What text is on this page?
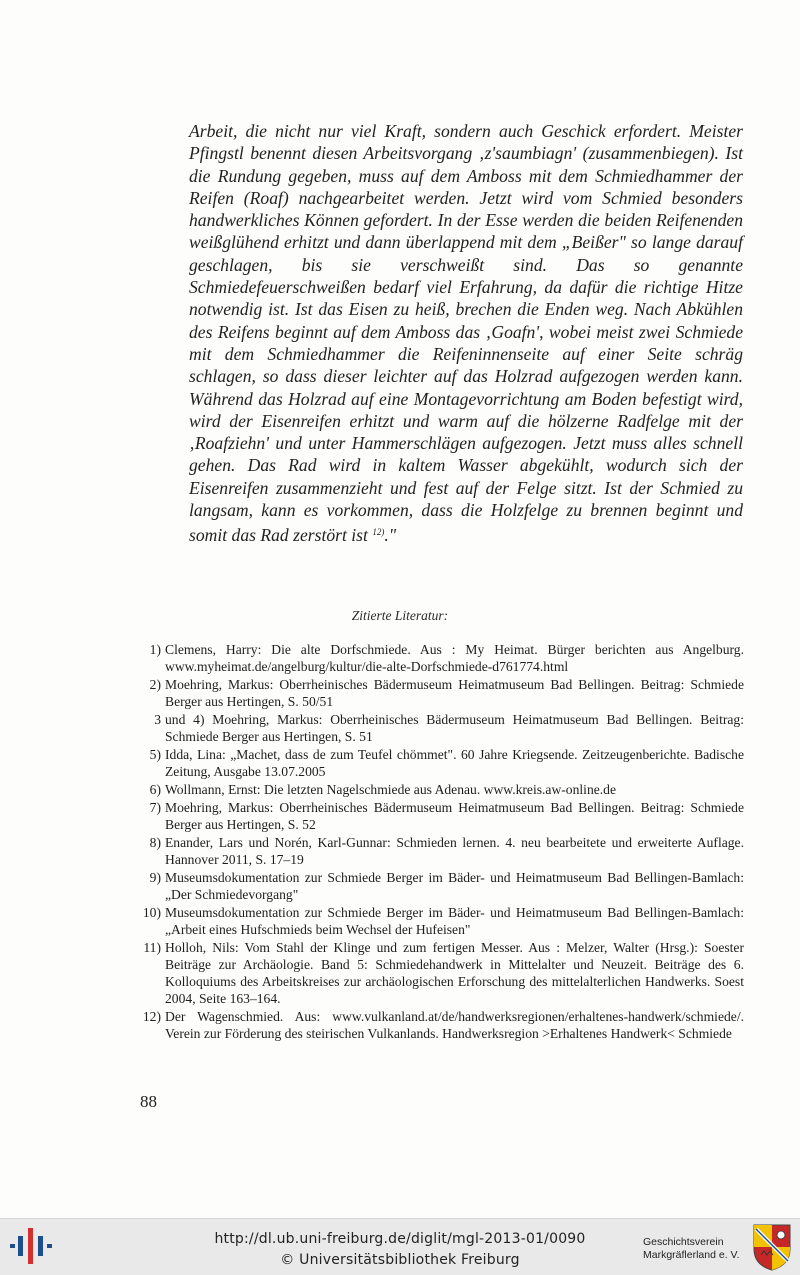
Arbeit, die nicht nur viel Kraft, sondern auch Geschick erfordert. Meister Pfingstl benennt diesen Arbeitsvorgang ‚z'saumbiagn' (zusammenbiegen). Ist die Rundung gegeben, muss auf dem Amboss mit dem Schmiedhammer der Reifen (Roaf) nachgearbeitet werden. Jetzt wird vom Schmied besonders handwerkliches Können gefordert. In der Esse werden die beiden Reifenenden weißglühend erhitzt und dann überlappend mit dem „Beißer" so lange darauf geschlagen, bis sie verschweißt sind. Das so genannte Schmiedefeuerschweißen bedarf viel Erfahrung, da dafür die richtige Hitze notwendig ist. Ist das Eisen zu heiß, brechen die Enden weg. Nach Abkühlen des Reifens beginnt auf dem Amboss das ‚Goafn', wobei meist zwei Schmiede mit dem Schmiedhammer die Reifeninnenseite auf einer Seite schräg schlagen, so dass dieser leichter auf das Holzrad aufgezogen werden kann. Während das Holzrad auf eine Montagevorrichtung am Boden befestigt wird, wird der Eisenreifen erhitzt und warm auf die hölzerne Radfelge mit der ‚Roafziehn' und unter Hammerschlägen aufgezogen. Jetzt muss alles schnell gehen. Das Rad wird in kaltem Wasser abgekühlt, wodurch sich der Eisenreifen zusammenzieht und fest auf der Felge sitzt. Ist der Schmied zu langsam, kann es vorkommen, dass die Holzfelge zu brennen beginnt und somit das Rad zerstört ist $^{12)}$."

Zitierte Literatur:
1) Clemens, Harry: Die alte Dorfschmiede. Aus : My Heimat. Bürger berichten aus Angelburg. www.myheimat.de/angelburg/kultur/die-alte-Dorfschmiede-d761774.html
2) Moehring, Markus: Oberrheinisches Bädermuseum Heimatmuseum Bad Bellingen. Beitrag: Schmiede Berger aus Hertingen, S. 50/51
3 und 4) Moehring, Markus: Oberrheinisches Bädermuseum Heimatmuseum Bad Bellingen. Beitrag: Schmiede Berger aus Hertingen, S. 51
5) Idda, Lina: „Machet, dass de zum Teufel chömmet". 60 Jahre Kriegsende. Zeitzeugenberichte. Badische Zeitung, Ausgabe 13.07.2005
6) Wollmann, Ernst: Die letzten Nagelschmiede aus Adenau. www.kreis.aw-online.de
7) Moehring, Markus: Oberrheinisches Bädermuseum Heimatmuseum Bad Bellingen. Beitrag: Schmiede Berger aus Hertingen, S. 52
8) Enander, Lars und Norén, Karl-Gunnar: Schmieden lernen. 4. neu bearbeitete und erweiterte Auflage. Hannover 2011, S. 17–19
9) Museumsdokumentation zur Schmiede Berger im Bäder- und Heimatmuseum Bad Bellingen-Bamlach: „Der Schmiedevorgang"
10) Museumsdokumentation zur Schmiede Berger im Bäder- und Heimatmuseum Bad Bellingen-Bamlach: „Arbeit eines Hufschmieds beim Wechsel der Hufeisen"
11) Holloh, Nils: Vom Stahl der Klinge und zum fertigen Messer. Aus : Melzer, Walter (Hrsg.): Soester Beiträge zur Archäologie. Band 5: Schmiedehandwerk in Mittelalter und Neuzeit. Beiträge des 6. Kolloquiums des Arbeitskreises zur archäologischen Erforschung des mittelalterlichen Handwerks. Soest 2004, Seite 163–164.
12) Der Wagenschmied. Aus: www.vulkanland.at/de/handwerksregionen/erhaltenes-handwerk/schmiede/. Verein zur Förderung des steirischen Vulkanlands. Handwerksregion >Erhaltenes Handwerk< Schmiede
88
http://dl.ub.uni-freiburg.de/diglit/mgl-2013-01/0090
© Universitätsbibliothek Freiburg
Geschichtsverein
Markgräflerland e. V.
